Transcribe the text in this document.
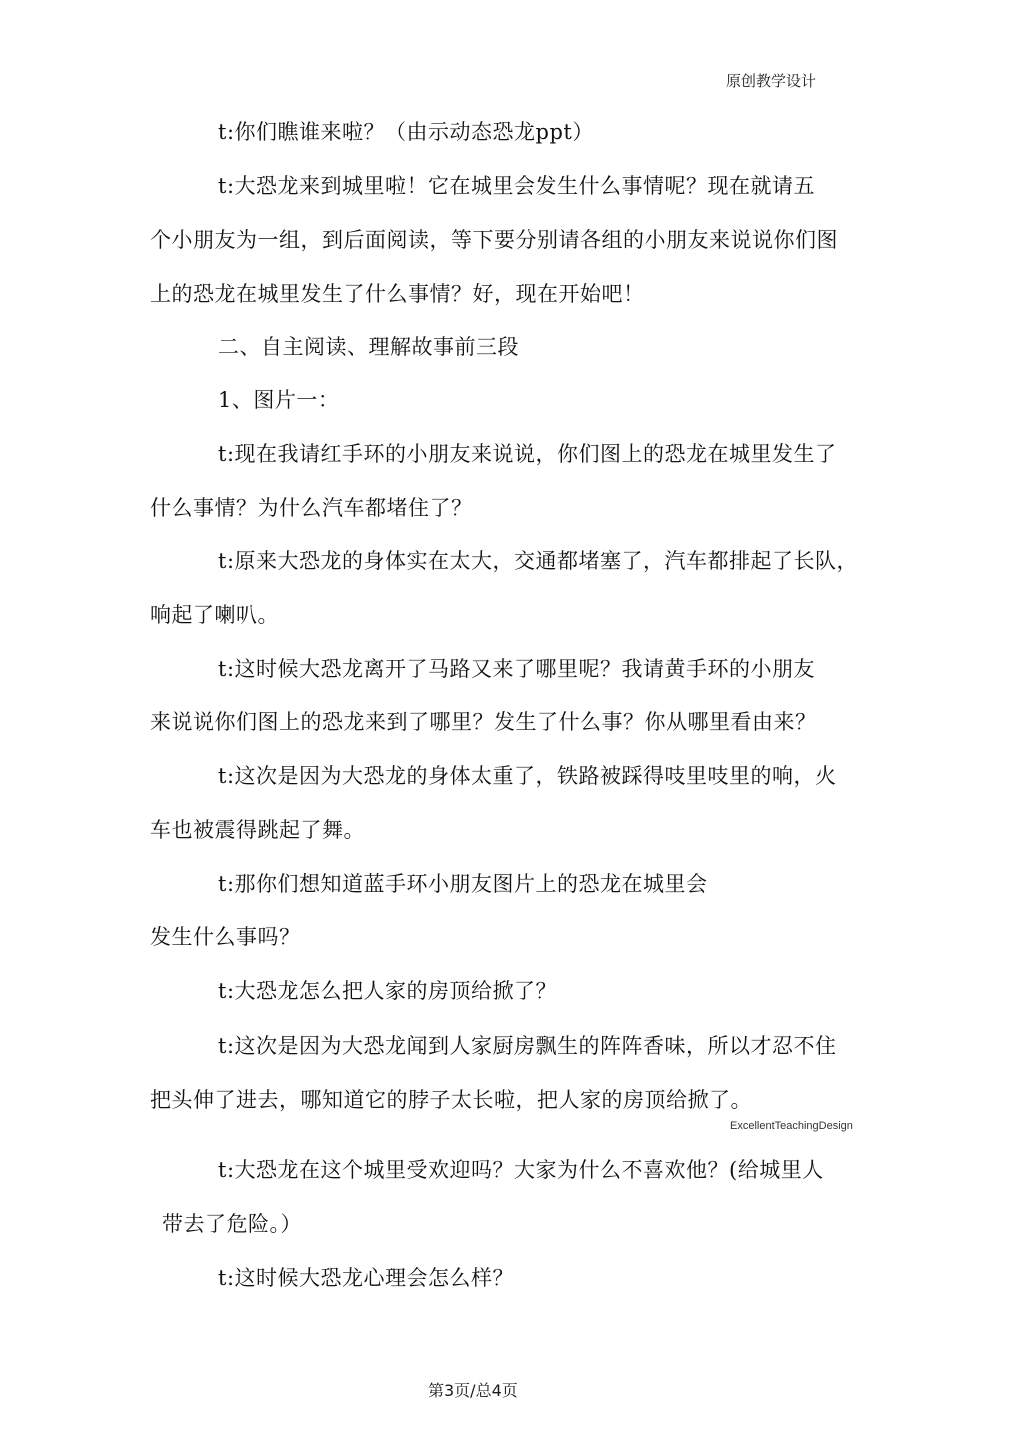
原创教学设计
t:你们瞧谁来啦？（由示动态恐龙ppt）
t:大恐龙来到城里啦！它在城里会发生什么事情呢？现在就请五
个小朋友为一组，到后面阅读，等下要分别请各组的小朋友来说说你们图
上的恐龙在城里发生了什么事情？好，现在开始吧！
二、自主阅读、理解故事前三段
1、图片一：
t:现在我请红手环的小朋友来说说，你们图上的恐龙在城里发生了
什么事情？为什么汽车都堵住了？
t:原来大恐龙的身体实在太大，交通都堵塞了，汽车都排起了长队，
响起了喇叭。
t:这时候大恐龙离开了马路又来了哪里呢？我请黄手环的小朋友
来说说你们图上的恐龙来到了哪里？发生了什么事？你从哪里看由来？
t:这次是因为大恐龙的身体太重了，铁路被踩得吱里吱里的响，火
车也被震得跳起了舞。
t:那你们想知道蓝手环小朋友图片上的恐龙在城里会
发生什么事吗？
t:大恐龙怎么把人家的房顶给掀了？
t:这次是因为大恐龙闻到人家厨房飘生的阵阵香味，所以才忍不住
把头伸了进去，哪知道它的脖子太长啦，把人家的房顶给掀了。
ExcellentTeachingDesign
t:大恐龙在这个城里受欢迎吗？大家为什么不喜欢他？(给城里人
带去了危险。）
t:这时候大恐龙心理会怎么样？
第3页/总4页
